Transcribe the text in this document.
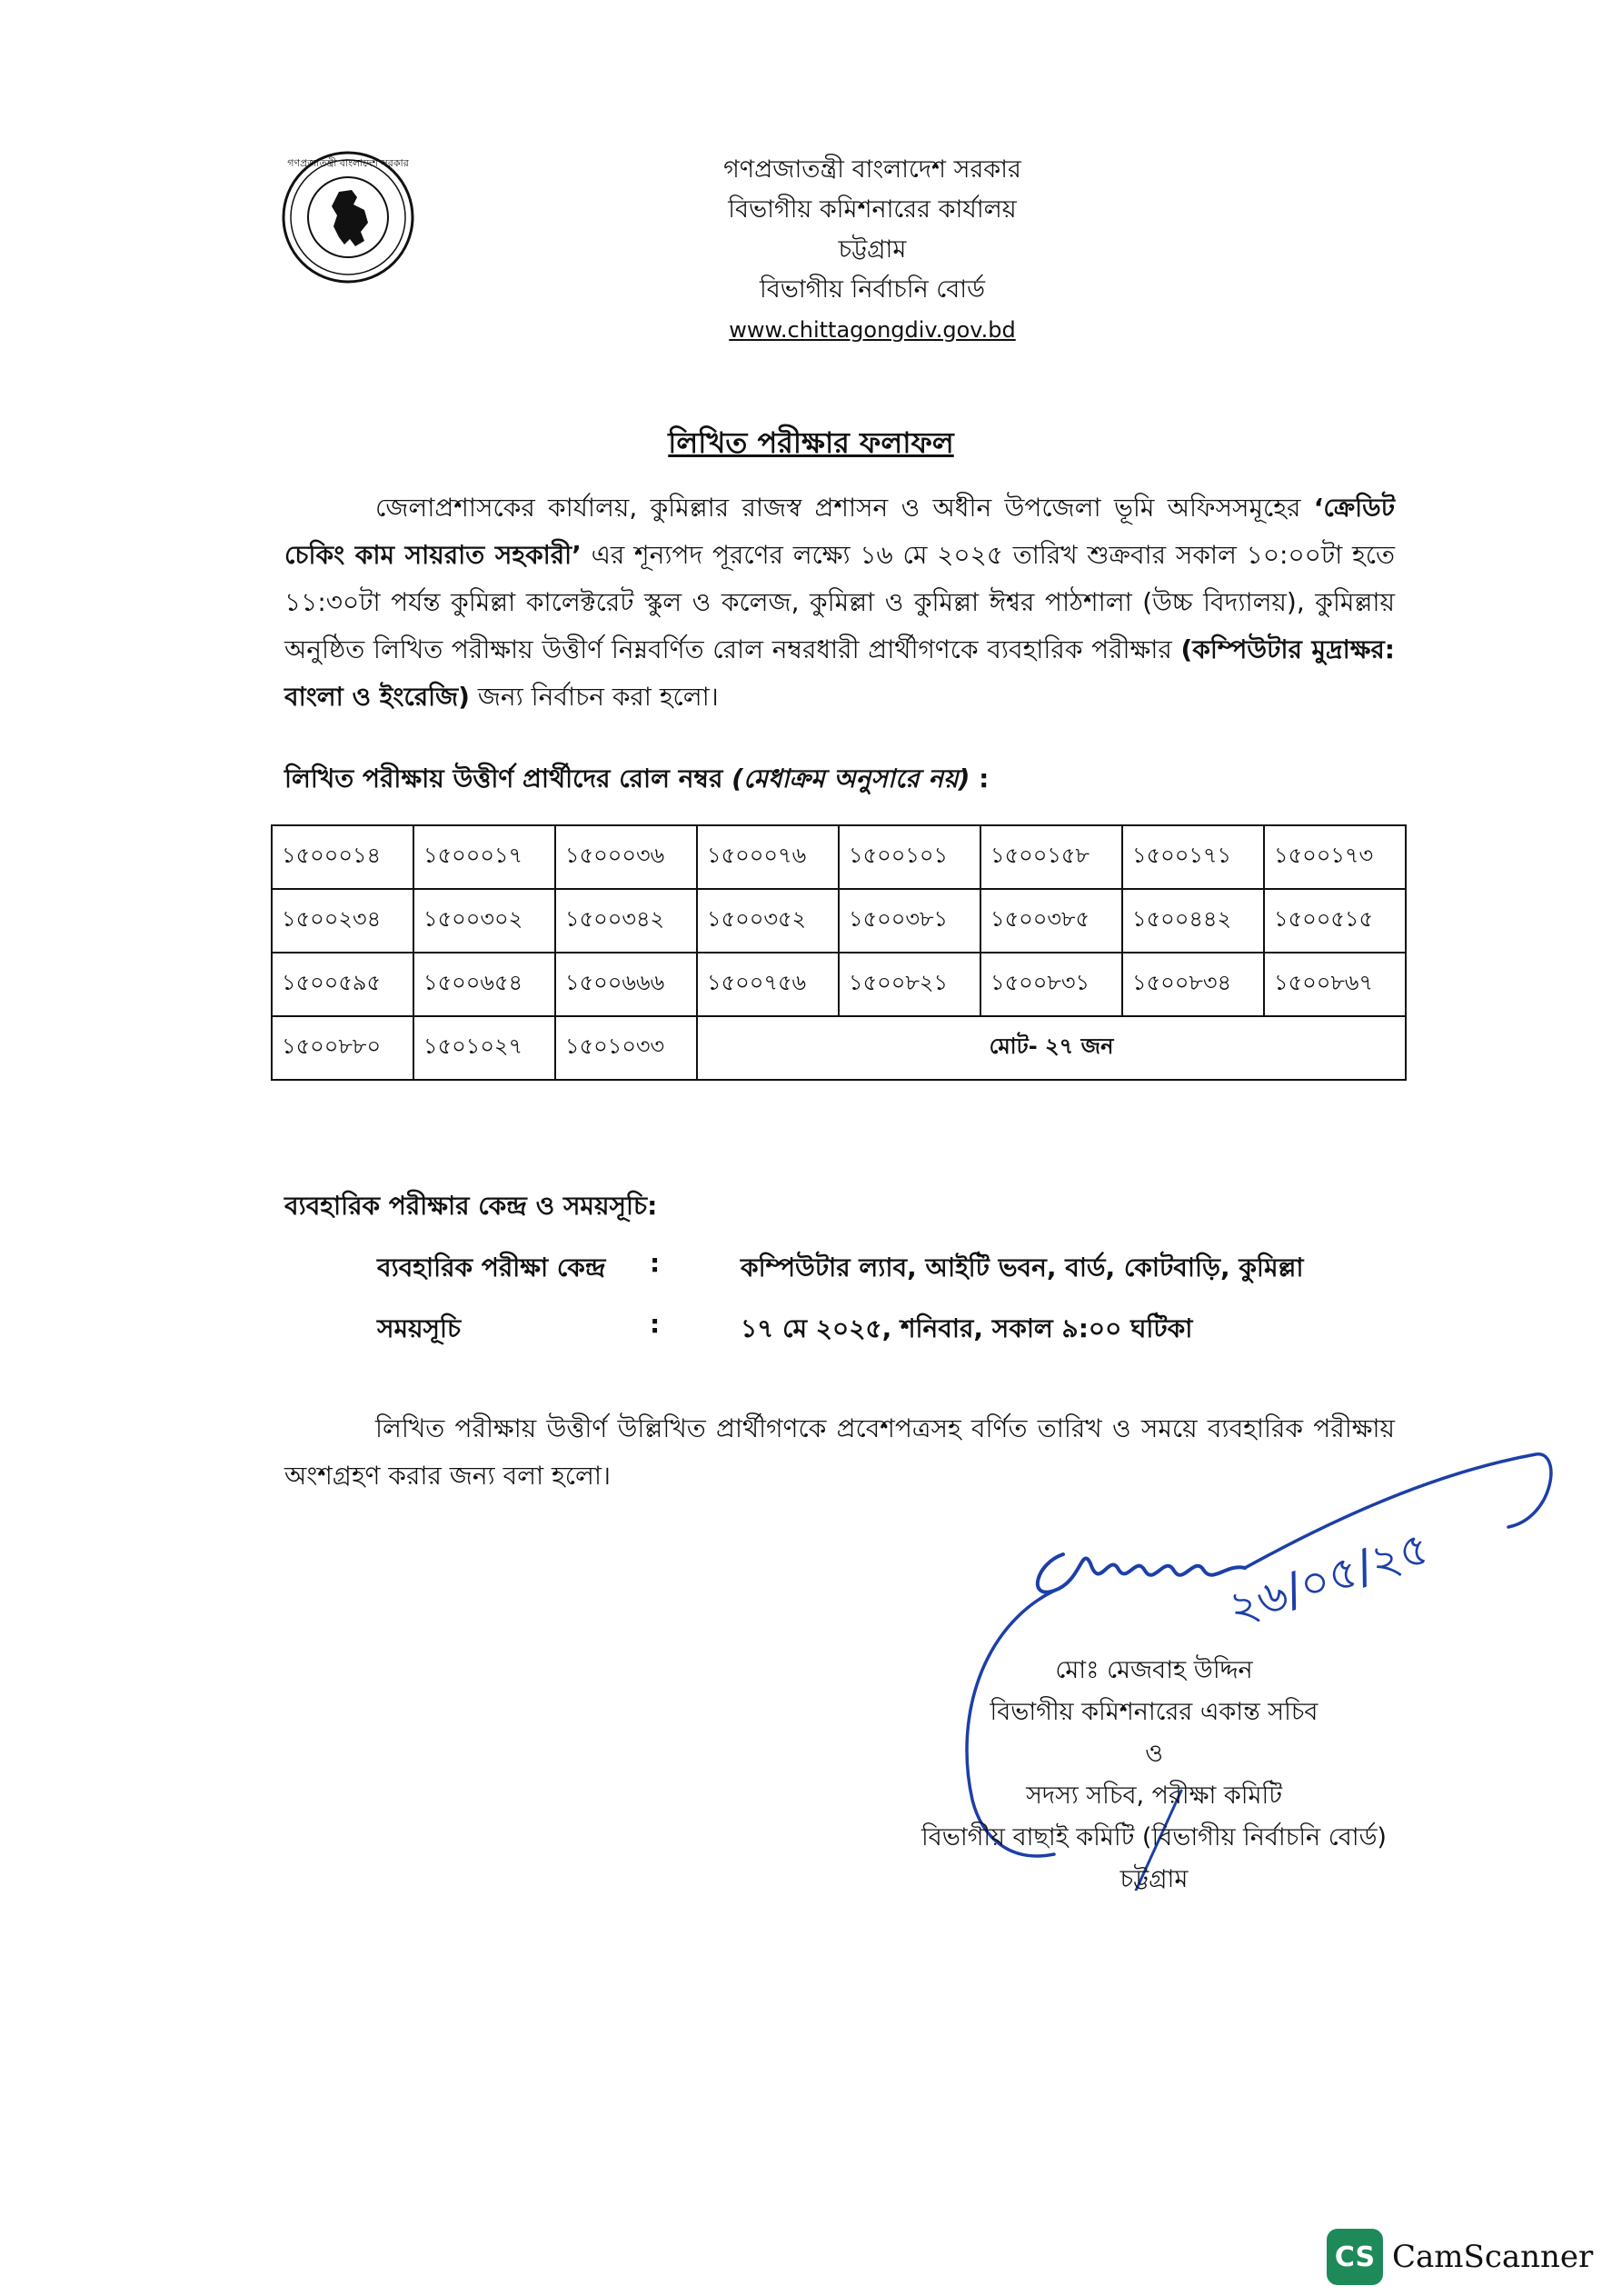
গণপ্রজাতন্ত্রী বাংলাদেশ সরকার	গণপ্রজাতন্ত্রী বাংলাদেশ সরকার
বিভাগীয় কমিশনারের কার্যালয়
চট্টগ্রাম
বিভাগীয় নির্বাচনি বোর্ড
www.chittagongdiv.gov.bd
লিখিত পরীক্ষার ফলাফল
জেলাপ্রশাসকের কার্যালয়, কুমিল্লার রাজস্ব প্রশাসন ও অধীন উপজেলা ভূমি অফিসসমূহের ‘ক্রেডিট চেকিং কাম সায়রাত সহকারী’ এর শূন্যপদ পূরণের লক্ষ্যে ১৬ মে ২০২৫ তারিখ শুক্রবার সকাল ১০:০০টা হতে ১১:৩০টা পর্যন্ত কুমিল্লা কালেক্টরেট স্কুল ও কলেজ, কুমিল্লা ও কুমিল্লা ঈশ্বর পাঠশালা (উচ্চ বিদ্যালয়), কুমিল্লায় অনুষ্ঠিত লিখিত পরীক্ষায় উত্তীর্ণ নিম্নবর্ণিত রোল নম্বরধারী প্রার্থীগণকে ব্যবহারিক পরীক্ষার (কম্পিউটার মুদ্রাক্ষর: বাংলা ও ইংরেজি) জন্য নির্বাচন করা হলো।
লিখিত পরীক্ষায় উত্তীর্ণ প্রার্থীদের রোল নম্বর (মেধাক্রম অনুসারে নয়) :
১৫০০০১৪	১৫০০০১৭	১৫০০০৩৬	১৫০০০৭৬	১৫০০১০১	১৫০০১৫৮	১৫০০১৭১	১৫০০১৭৩
১৫০০২৩৪	১৫০০৩০২	১৫০০৩৪২	১৫০০৩৫২	১৫০০৩৮১	১৫০০৩৮৫	১৫০০৪৪২	১৫০০৫১৫
১৫০০৫৯৫	১৫০০৬৫৪	১৫০০৬৬৬	১৫০০৭৫৬	১৫০০৮২১	১৫০০৮৩১	১৫০০৮৩৪	১৫০০৮৬৭
১৫০০৮৮০	১৫০১০২৭	১৫০১০৩৩	মোট- ২৭ জন				
ব্যবহারিক পরীক্ষার কেন্দ্র ও সময়সূচি:
ব্যবহারিক পরীক্ষা কেন্দ্র :	কম্পিউটার ল্যাব, আইটি ভবন, বার্ড, কোটবাড়ি, কুমিল্লা
সময়সূচি	:	১৭ মে ২০২৫, শনিবার, সকাল ৯:০০ ঘটিকা
লিখিত পরীক্ষায় উত্তীর্ণ উল্লিখিত প্রার্থীগণকে প্রবেশপত্রসহ বর্ণিত তারিখ ও সময়ে ব্যবহারিক পরীক্ষায় অংশগ্রহণ করার জন্য বলা হলো।
২৬/০৫/২৫
মোঃ মেজবাহ উদ্দিন
বিভাগীয় কমিশনারের একান্ত সচিব
ও
সদস্য সচিব, পরীক্ষা কমিটি
বিভাগীয় বাছাই কমিটি (বিভাগীয় নির্বাচনি বোর্ড)
চট্টগ্রাম
CS CamScanner
